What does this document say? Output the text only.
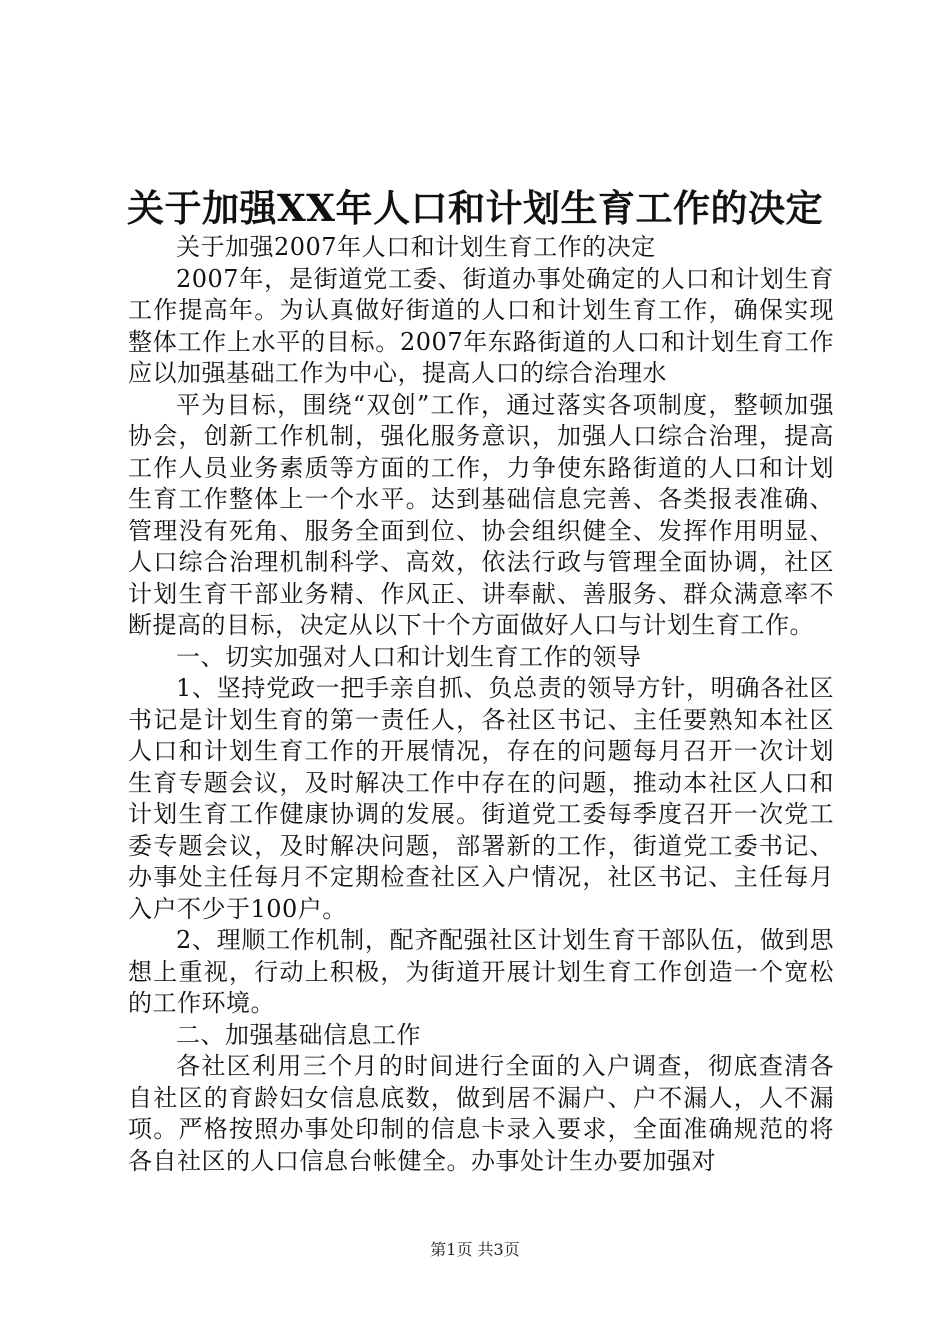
关于加强XX年人口和计划生育工作的决定

关于加强2007年人口和计划生育工作的决定

2007年，是街道党工委、街道办事处确定的人口和计划生育工作提高年。为认真做好街道的人口和计划生育工作，确保实现整体工作上水平的目标。2007年东路街道的人口和计划生育工作应以加强基础工作为中心，提高人口的综合治理水

平为目标，围绕“双创”工作，通过落实各项制度，整顿加强协会，创新工作机制，强化服务意识，加强人口综合治理，提高工作人员业务素质等方面的工作，力争使东路街道的人口和计划生育工作整体上一个水平。达到基础信息完善、各类报表准确、管理没有死角、服务全面到位、协会组织健全、发挥作用明显、人口综合治理机制科学、高效，依法行政与管理全面协调，社区计划生育干部业务精、作风正、讲奉献、善服务、群众满意率不断提高的目标，决定从以下十个方面做好人口与计划生育工作。

一、切实加强对人口和计划生育工作的领导

1、坚持党政一把手亲自抓、负总责的领导方针，明确各社区书记是计划生育的第一责任人，各社区书记、主任要熟知本社区人口和计划生育工作的开展情况，存在的问题每月召开一次计划生育专题会议，及时解决工作中存在的问题，推动本社区人口和计划生育工作健康协调的发展。街道党工委每季度召开一次党工委专题会议，及时解决问题，部署新的工作，街道党工委书记、办事处主任每月不定期检查社区入户情况，社区书记、主任每月入户不少于100户。

2、理顺工作机制，配齐配强社区计划生育干部队伍，做到思想上重视，行动上积极，为街道开展计划生育工作创造一个宽松的工作环境。

二、加强基础信息工作

各社区利用三个月的时间进行全面的入户调查，彻底查清各自社区的育龄妇女信息底数，做到居不漏户、户不漏人，人不漏项。严格按照办事处印制的信息卡录入要求，全面准确规范的将各自社区的人口信息台帐健全。办事处计生办要加强对

第1页 共3页
